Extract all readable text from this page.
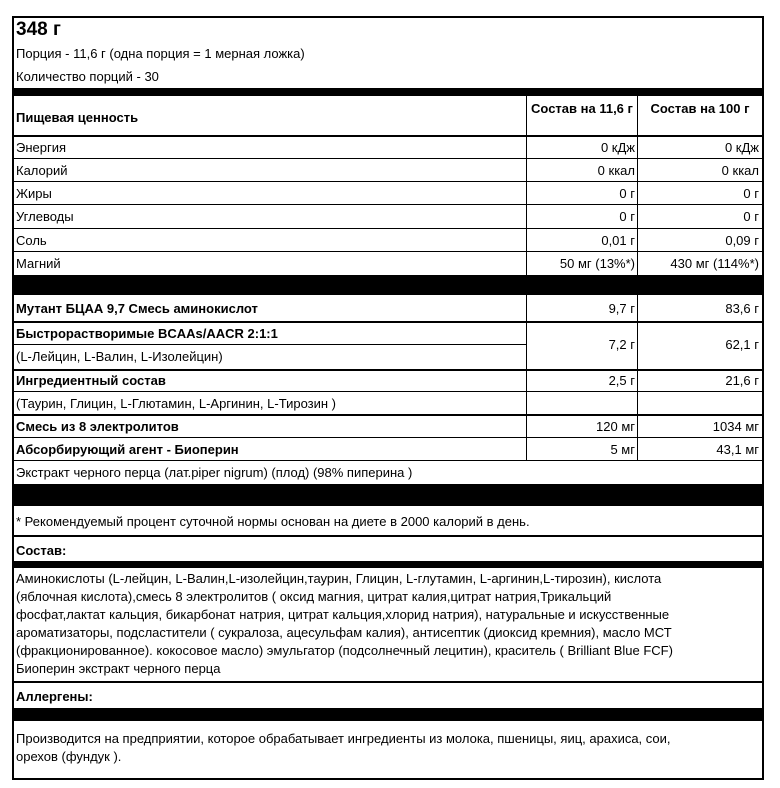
348 г
Порция - 11,6 г (одна порция = 1 мерная ложка)
Количество порций - 30
Пищевая ценность
Состав на 11,6 г	Состав на 100 г
Энергия	0 кДж	0 кДж
Калорий	0 ккал	0 ккал
Жиры	0 г	0 г
Углеводы	0 г	0 г
Соль	0,01 г	0,09 г
Магний	50 мг (13%*)	430 мг (114%*)
Мутант БЦАА 9,7 Смесь аминокислот	9,7 г	83,6 г
Быстрорастворимые BCAAs/AACR 2:1:1
(L-Лейцин, L-Валин, L-Изолейцин)
7,2 г	62,1 г
Ингредиентный состав	2,5 г	21,6 г
(Таурин, Глицин, L-Глютамин, L-Аргинин, L-Тирозин )
Смесь из 8 электролитов	120 мг	1034 мг
Абсорбирующий агент - Биоперин	5 мг	43,1 мг
Экстракт черного перца (лат.piper nigrum) (плод) (98% пиперина )
* Рекомендуемый процент суточной нормы основан на диете в 2000 калорий в день.
Состав:
Аминокислоты (L-лейцин, L-Валин,L-изолейцин,таурин, Глицин, L-глутамин, L-аргинин,L-тирозин), кислота
(яблочная кислота),смесь 8 электролитов ( оксид магния, цитрат калия,цитрат натрия,Трикальций
фосфат,лактат кальция, бикарбонат натрия, цитрат кальция,хлорид натрия), натуральные и искусственные
ароматизаторы, подсластители ( сукралоза, ацесульфам калия), антисептик (диоксид кремния), масло МСТ
(фракционированное). кокосовое масло) эмульгатор (подсолнечный лецитин), краситель ( Brilliant Blue FCF)
Биоперин экстракт черного перца
Аллергены:
Производится на предприятии, которое обрабатывает ингредиенты из молока, пшеницы, яиц, арахиса, сои,
орехов (фундук ).
